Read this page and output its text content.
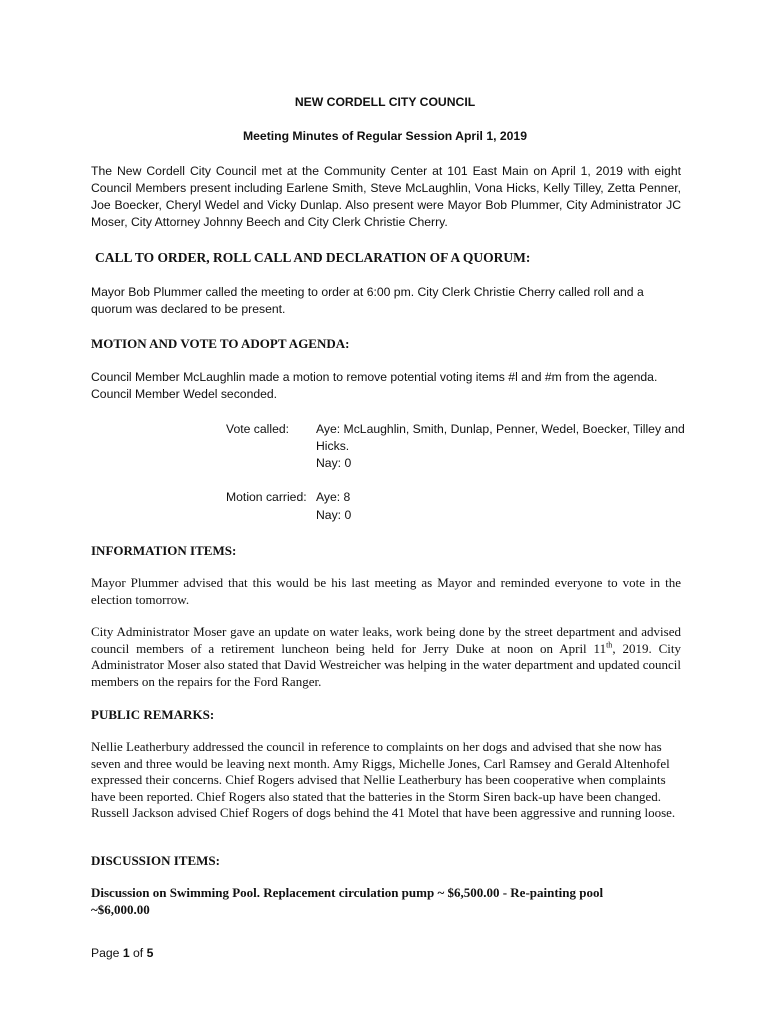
NEW CORDELL CITY COUNCIL
Meeting Minutes of Regular Session April 1, 2019

The New Cordell City Council met at the Community Center at 101 East Main on April 1, 2019 with eight Council Members present including Earlene Smith, Steve McLaughlin, Vona Hicks, Kelly Tilley, Zetta Penner, Joe Boecker, Cheryl Wedel and Vicky Dunlap. Also present were Mayor Bob Plummer, City Administrator JC Moser, City Attorney Johnny Beech and City Clerk Christie Cherry.

CALL TO ORDER, ROLL CALL AND DECLARATION OF A QUORUM:

Mayor Bob Plummer called the meeting to order at 6:00 pm. City Clerk Christie Cherry called roll and a quorum was declared to be present.

MOTION AND VOTE TO ADOPT AGENDA:

Council Member McLaughlin made a motion to remove potential voting items #l and #m from the agenda. Council Member Wedel seconded.

Vote called: Aye: McLaughlin, Smith, Dunlap, Penner, Wedel, Boecker, Tilley and Hicks.
Nay: 0
Motion carried: Aye: 8
Nay: 0
INFORMATION ITEMS:

Mayor Plummer advised that this would be his last meeting as Mayor and reminded everyone to vote in the election tomorrow.

City Administrator Moser gave an update on water leaks, work being done by the street department and advised council members of a retirement luncheon being held for Jerry Duke at noon on April 11th, 2019. City Administrator Moser also stated that David Westreicher was helping in the water department and updated council members on the repairs for the Ford Ranger.

PUBLIC REMARKS:

Nellie Leatherbury addressed the council in reference to complaints on her dogs and advised that she now has seven and three would be leaving next month. Amy Riggs, Michelle Jones, Carl Ramsey and Gerald Altenhofel expressed their concerns. Chief Rogers advised that Nellie Leatherbury has been cooperative when complaints have been reported. Chief Rogers also stated that the batteries in the Storm Siren back-up have been changed. Russell Jackson advised Chief Rogers of dogs behind the 41 Motel that have been aggressive and running loose.

DISCUSSION ITEMS:

Discussion on Swimming Pool. Replacement circulation pump ~ $6,500.00 - Re-painting pool ~$6,000.00

Page 1 of 5
